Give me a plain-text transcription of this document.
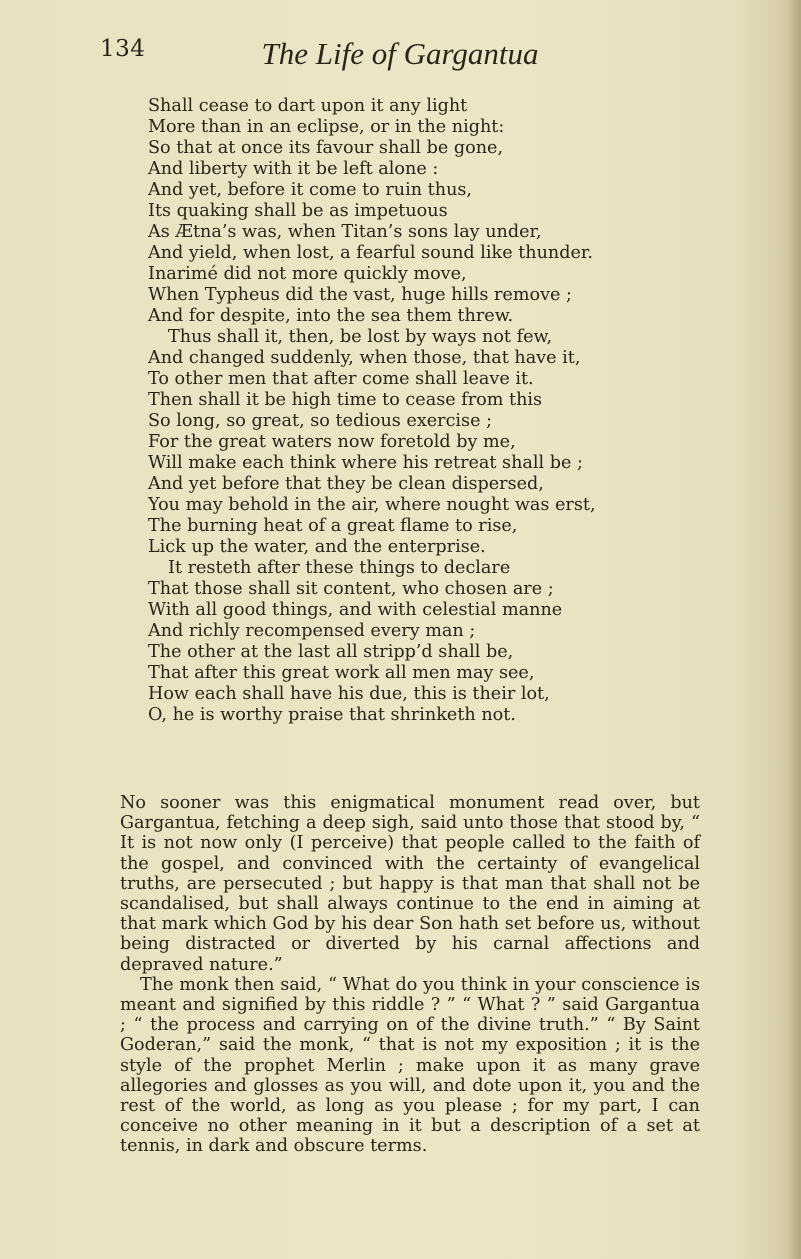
134	The Life of Gargantua
Shall cease to dart upon it any light
More than in an eclipse, or in the night:
So that at once its favour shall be gone,
And liberty with it be left alone :
And yet, before it come to ruin thus,
Its quaking shall be as impetuous
As Ætna’s was, when Titan’s sons lay under,
And yield, when lost, a fearful sound like thunder.
Inarimé did not more quickly move,
When Typheus did the vast, huge hills remove ;
And for despite, into the sea them threw.
Thus shall it, then, be lost by ways not few,
And changed suddenly, when those, that have it,
To other men that after come shall leave it.
Then shall it be high time to cease from this
So long, so great, so tedious exercise ;
For the great waters now foretold by me,
Will make each think where his retreat shall be ;
And yet before that they be clean dispersed,
You may behold in the air, where nought was erst,
The burning heat of a great flame to rise,
Lick up the water, and the enterprise.
It resteth after these things to declare
That those shall sit content, who chosen are ;
With all good things, and with celestial manne
And richly recompensed every man ;
The other at the last all stripp’d shall be,
That after this great work all men may see,
How each shall have his due, this is their lot,
O, he is worthy praise that shrinketh not.

No sooner was this enigmatical monument read over, but Gargantua, fetching a deep sigh, said unto those that stood by, “ It is not now only (I perceive) that people called to the faith of the gospel, and convinced with the certainty of evangelical truths, are persecuted ; but happy is that man that shall not be scandalised, but shall always continue to the end in aiming at that mark which God by his dear Son hath set before us, without being distracted or diverted by his carnal affections and depraved nature.”

The monk then said, “ What do you think in your conscience is meant and signified by this riddle ? ” “ What ? ” said Gargantua ; “ the process and carrying on of the divine truth.” “ By Saint Goderan,” said the monk, “ that is not my exposition ; it is the style of the prophet Merlin ; make upon it as many grave allegories and glosses as you will, and dote upon it, you and the rest of the world, as long as you please ; for my part, I can conceive no other meaning in it but a description of a set at tennis, in dark and obscure terms.
